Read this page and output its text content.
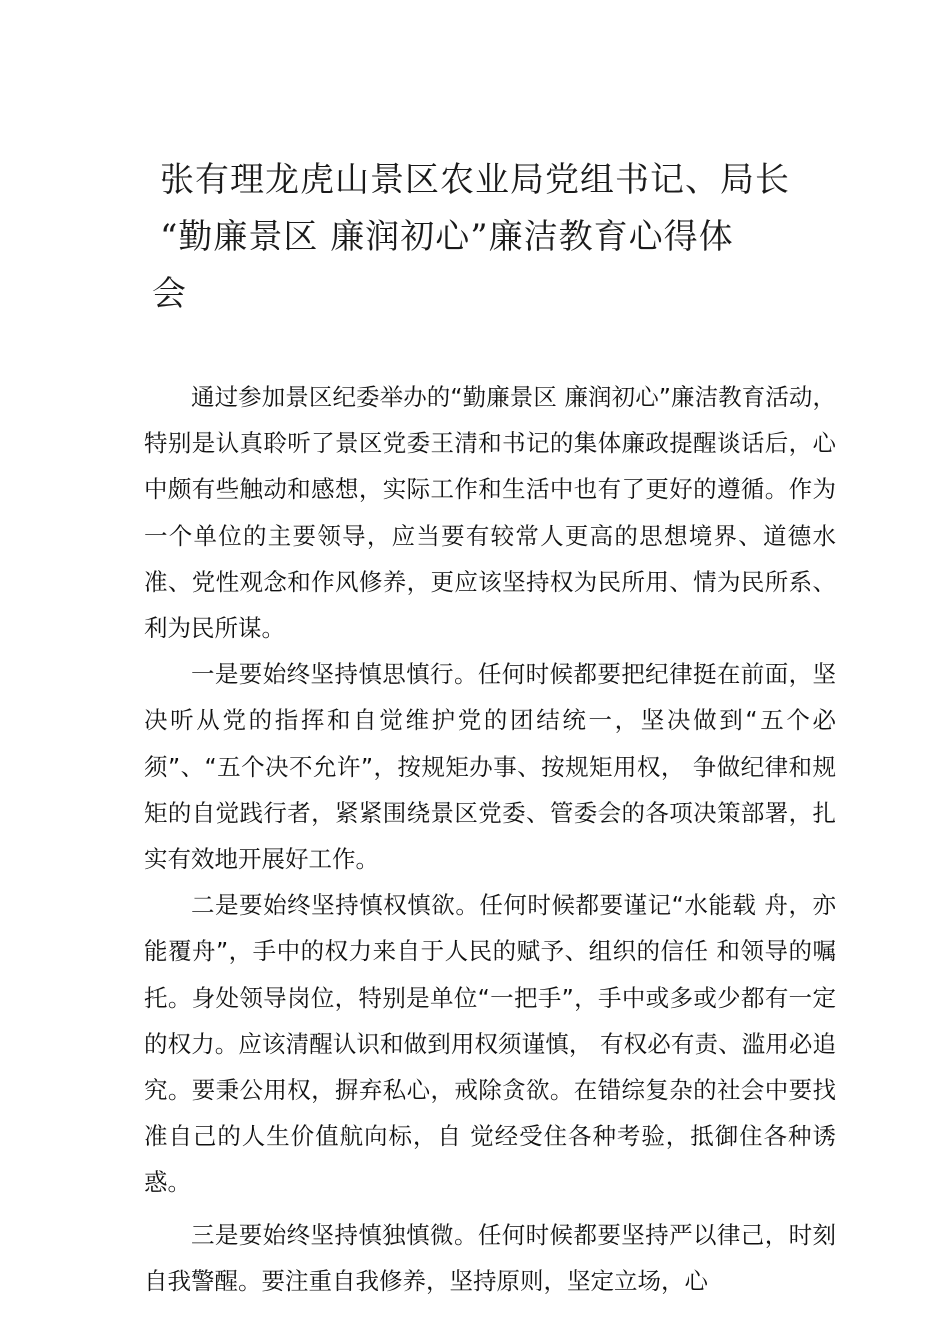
张有理龙虎山景区农业局党组书记、局长
“勤廉景区 廉润初心”廉洁教育心得体
会

通过参加景区纪委举办的“勤廉景区 廉润初心”廉洁教育活动，特别是认真聆听了景区党委王清和书记的集体廉政提醒谈话后，心中颇有些触动和感想，实际工作和生活中也有了更好的遵循。作为一个单位的主要领导，应当要有较常人更高的思想境界、道德水准、党性观念和作风修养，更应该坚持权为民所用、情为民所系、利为民所谋。

一是要始终坚持慎思慎行。任何时候都要把纪律挺在前面，坚决听从党的指挥和自觉维护党的团结统一，坚决做到“五个必须”、“五个决不允许”，按规矩办事、按规矩用权， 争做纪律和规矩的自觉践行者，紧紧围绕景区党委、管委会的各项决策部署，扎实有效地开展好工作。

二是要始终坚持慎权慎欲。任何时候都要谨记“水能载 舟，亦能覆舟”，手中的权力来自于人民的赋予、组织的信任 和领导的嘱托。身处领导岗位，特别是单位“一把手”，手中或多或少都有一定的权力。应该清醒认识和做到用权须谨慎， 有权必有责、滥用必追究。要秉公用权，摒弃私心，戒除贪欲。在错综复杂的社会中要找准自己的人生价值航向标，自 觉经受住各种考验，抵御住各种诱惑。

三是要始终坚持慎独慎微。任何时候都要坚持严以律己，时刻自我警醒。要注重自我修养，坚持原则，坚定立场，心
